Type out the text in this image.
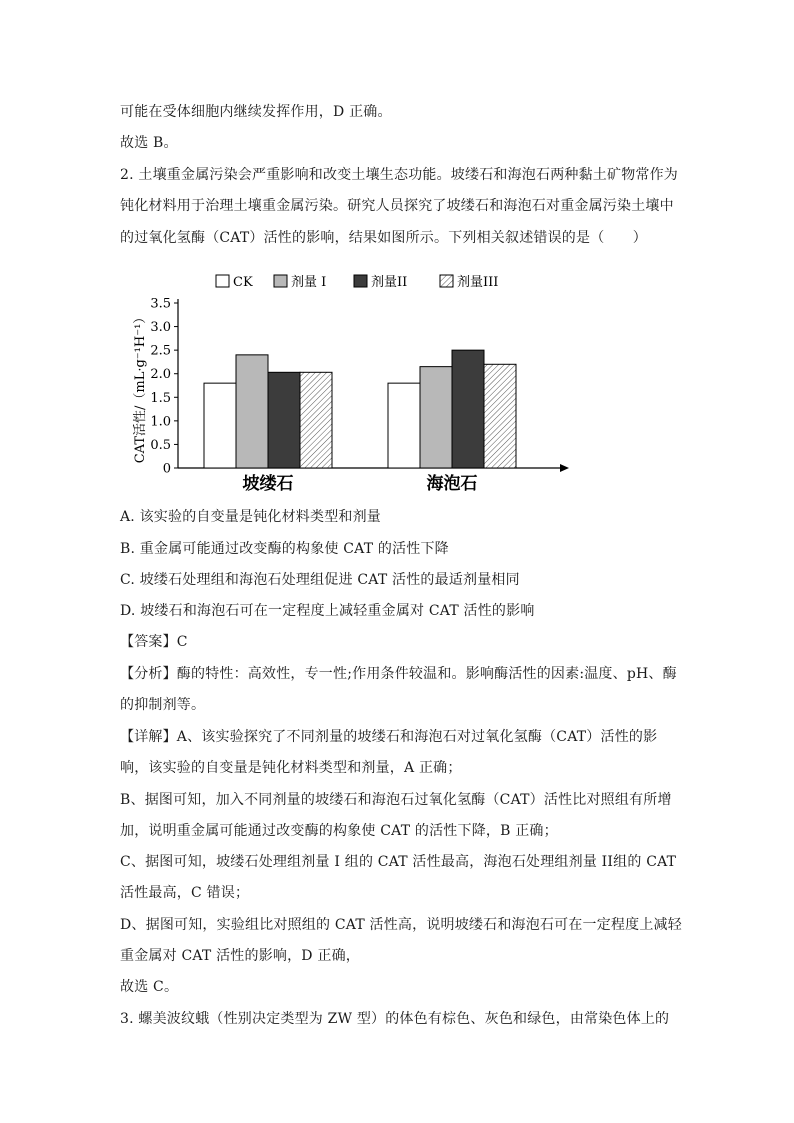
可能在受体细胞内继续发挥作用，D 正确。
故选 B。
2. 土壤重金属污染会严重影响和改变土壤生态功能。坡缕石和海泡石两种黏土矿物常作为
钝化材料用于治理土壤重金属污染。研究人员探究了坡缕石和海泡石对重金属污染土壤中
的过氧化氢酶（CAT）活性的影响，结果如图所示。下列相关叙述错误的是（　　）
CK	剂量 I	剂量II	剂量III
0
0.5
1.0
1.5
2.0
2.5
3.0
3.5
坡缕石	海泡石
CAT活性/（mL·g⁻¹H⁻¹）
A. 该实验的自变量是钝化材料类型和剂量
B. 重金属可能通过改变酶的构象使 CAT 的活性下降
C. 坡缕石处理组和海泡石处理组促进 CAT 活性的最适剂量相同
D. 坡缕石和海泡石可在一定程度上减轻重金属对 CAT 活性的影响
【答案】C
【分析】酶的特性：高效性，专一性;作用条件较温和。影响酶活性的因素:温度、pH、酶
的抑制剂等。
【详解】A、该实验探究了不同剂量的坡缕石和海泡石对过氧化氢酶（CAT）活性的影
响，该实验的自变量是钝化材料类型和剂量，A 正确；
B、据图可知，加入不同剂量的坡缕石和海泡石过氧化氢酶（CAT）活性比对照组有所增
加，说明重金属可能通过改变酶的构象使 CAT 的活性下降，B 正确；
C、据图可知，坡缕石处理组剂量 I 组的 CAT 活性最高，海泡石处理组剂量 II组的 CAT
活性最高，C 错误；
D、据图可知，实验组比对照组的 CAT 活性高，说明坡缕石和海泡石可在一定程度上减轻
重金属对 CAT 活性的影响，D 正确，
故选 C。
3. 螺美波纹蛾（性别决定类型为 ZW 型）的体色有棕色、灰色和绿色，由常染色体上的
